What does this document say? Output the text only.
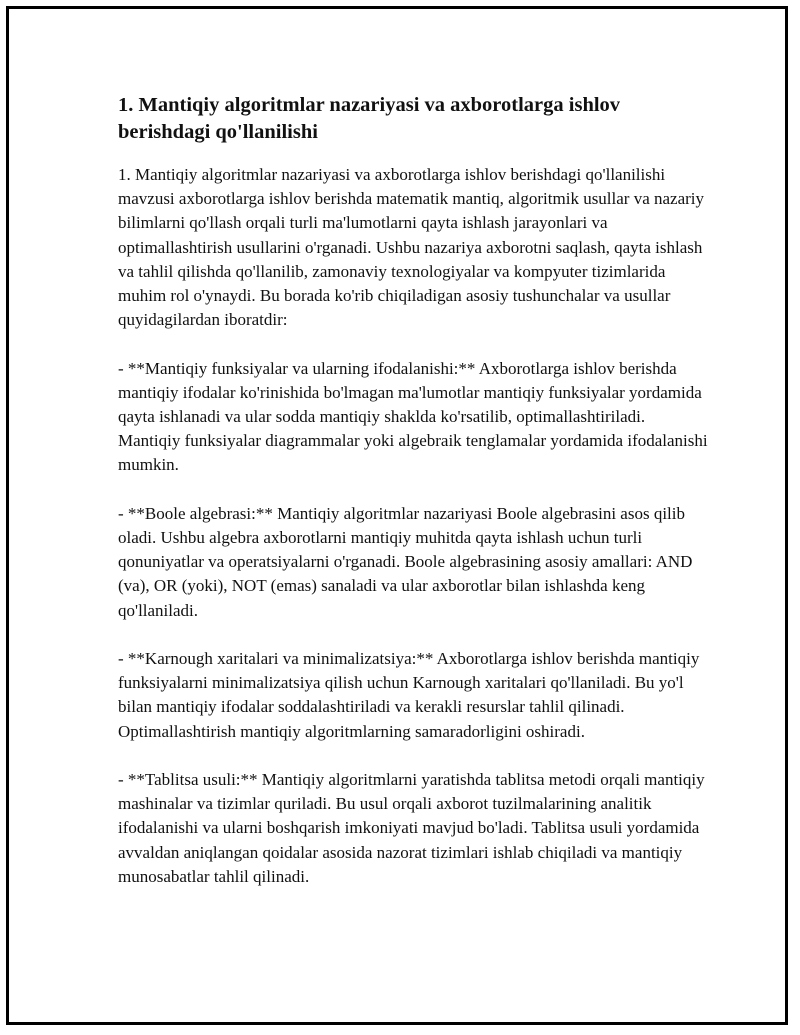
1. Mantiqiy algoritmlar nazariyasi va axborotlarga ishlov berishdagi qo'llanilishi

1. Mantiqiy algoritmlar nazariyasi va axborotlarga ishlov berishdagi qo'llanilishi mavzusi axborotlarga ishlov berishda matematik mantiq, algoritmik usullar va nazariy bilimlarni qo'llash orqali turli ma'lumotlarni qayta ishlash jarayonlari va optimallashtirish usullarini o'rganadi. Ushbu nazariya axborotni saqlash, qayta ishlash va tahlil qilishda qo'llanilib, zamonaviy texnologiyalar va kompyuter tizimlarida muhim rol o'ynaydi. Bu borada ko'rib chiqiladigan asosiy tushunchalar va usullar quyidagilardan iboratdir:

- **Mantiqiy funksiyalar va ularning ifodalanishi:** Axborotlarga ishlov berishda mantiqiy ifodalar ko'rinishida bo'lmagan ma'lumotlar mantiqiy funksiyalar yordamida qayta ishlanadi va ular sodda mantiqiy shaklda ko'rsatilib, optimallashtiriladi. Mantiqiy funksiyalar diagrammalar yoki algebraik tenglamalar yordamida ifodalanishi mumkin.

- **Boole algebrasi:** Mantiqiy algoritmlar nazariyasi Boole algebrasini asos qilib oladi. Ushbu algebra axborotlarni mantiqiy muhitda qayta ishlash uchun turli qonuniyatlar va operatsiyalarni o'rganadi. Boole algebrasining asosiy amallari: AND (va), OR (yoki), NOT (emas) sanaladi va ular axborotlar bilan ishlashda keng qo'llaniladi.

- **Karnough xaritalari va minimalizatsiya:** Axborotlarga ishlov berishda mantiqiy funksiyalarni minimalizatsiya qilish uchun Karnough xaritalari qo'llaniladi. Bu yo'l bilan mantiqiy ifodalar soddalashtiriladi va kerakli resurslar tahlil qilinadi. Optimallashtirish mantiqiy algoritmlarning samaradorligini oshiradi.

- **Tablitsa usuli:** Mantiqiy algoritmlarni yaratishda tablitsa metodi orqali mantiqiy mashinalar va tizimlar quriladi. Bu usul orqali axborot tuzilmalarining analitik ifodalanishi va ularni boshqarish imkoniyati mavjud bo'ladi. Tablitsa usuli yordamida avvaldan aniqlangan qoidalar asosida nazorat tizimlari ishlab chiqiladi va mantiqiy munosabatlar tahlil qilinadi.
